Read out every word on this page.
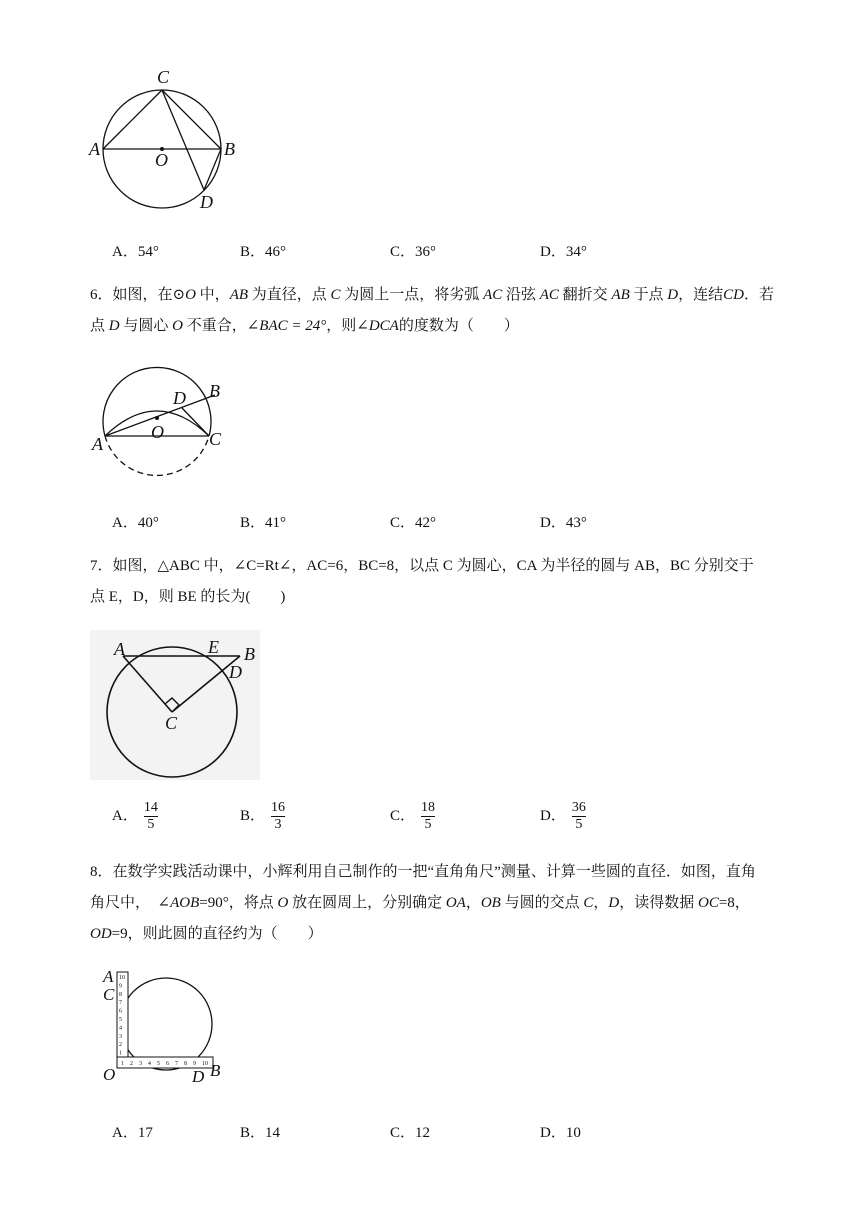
C
A	B
O
D
A．54°	B．46°	C．36°	D．34°
6．如图，在⊙O 中，AB 为直径，点 C 为圆上一点，将劣弧 AC 沿弦 AC 翻折交 AB 于点 D，连结CD．若
点 D 与圆心 O 不重合，∠BAC = 24°，则∠DCA的度数为（　　）
B
D
O
A	C
A．40°	B．41°	C．42°	D．43°
7．如图，△ABC 中，∠C=Rt∠，AC=6，BC=8，以点 C 为圆心，CA 为半径的圆与 AB，BC 分别交于
点 E，D，则 BE 的长为(　　)
A	E B
D
C
A． $\frac{14}{5}$	B． $\frac{16}{3}$	C． $\frac{18}{5}$	D． $\frac{36}{5}$
8．在数学实践活动课中，小辉利用自己制作的一把“直角角尺”测量、计算一些圆的直径．如图，直角
角尺中，　∠AOB=90°，将点 O 放在圆周上，分别确定 OA，OB 与圆的交点 C，D，读得数据 OC=8，
OD=9，则此圆的直径约为（　　）
10
9
8
7
6
5
4
3
2
1
1 2 3 4 5 6 7 8 9 10
A
C
O	D B
A．17	B．14	C．12	D．10
